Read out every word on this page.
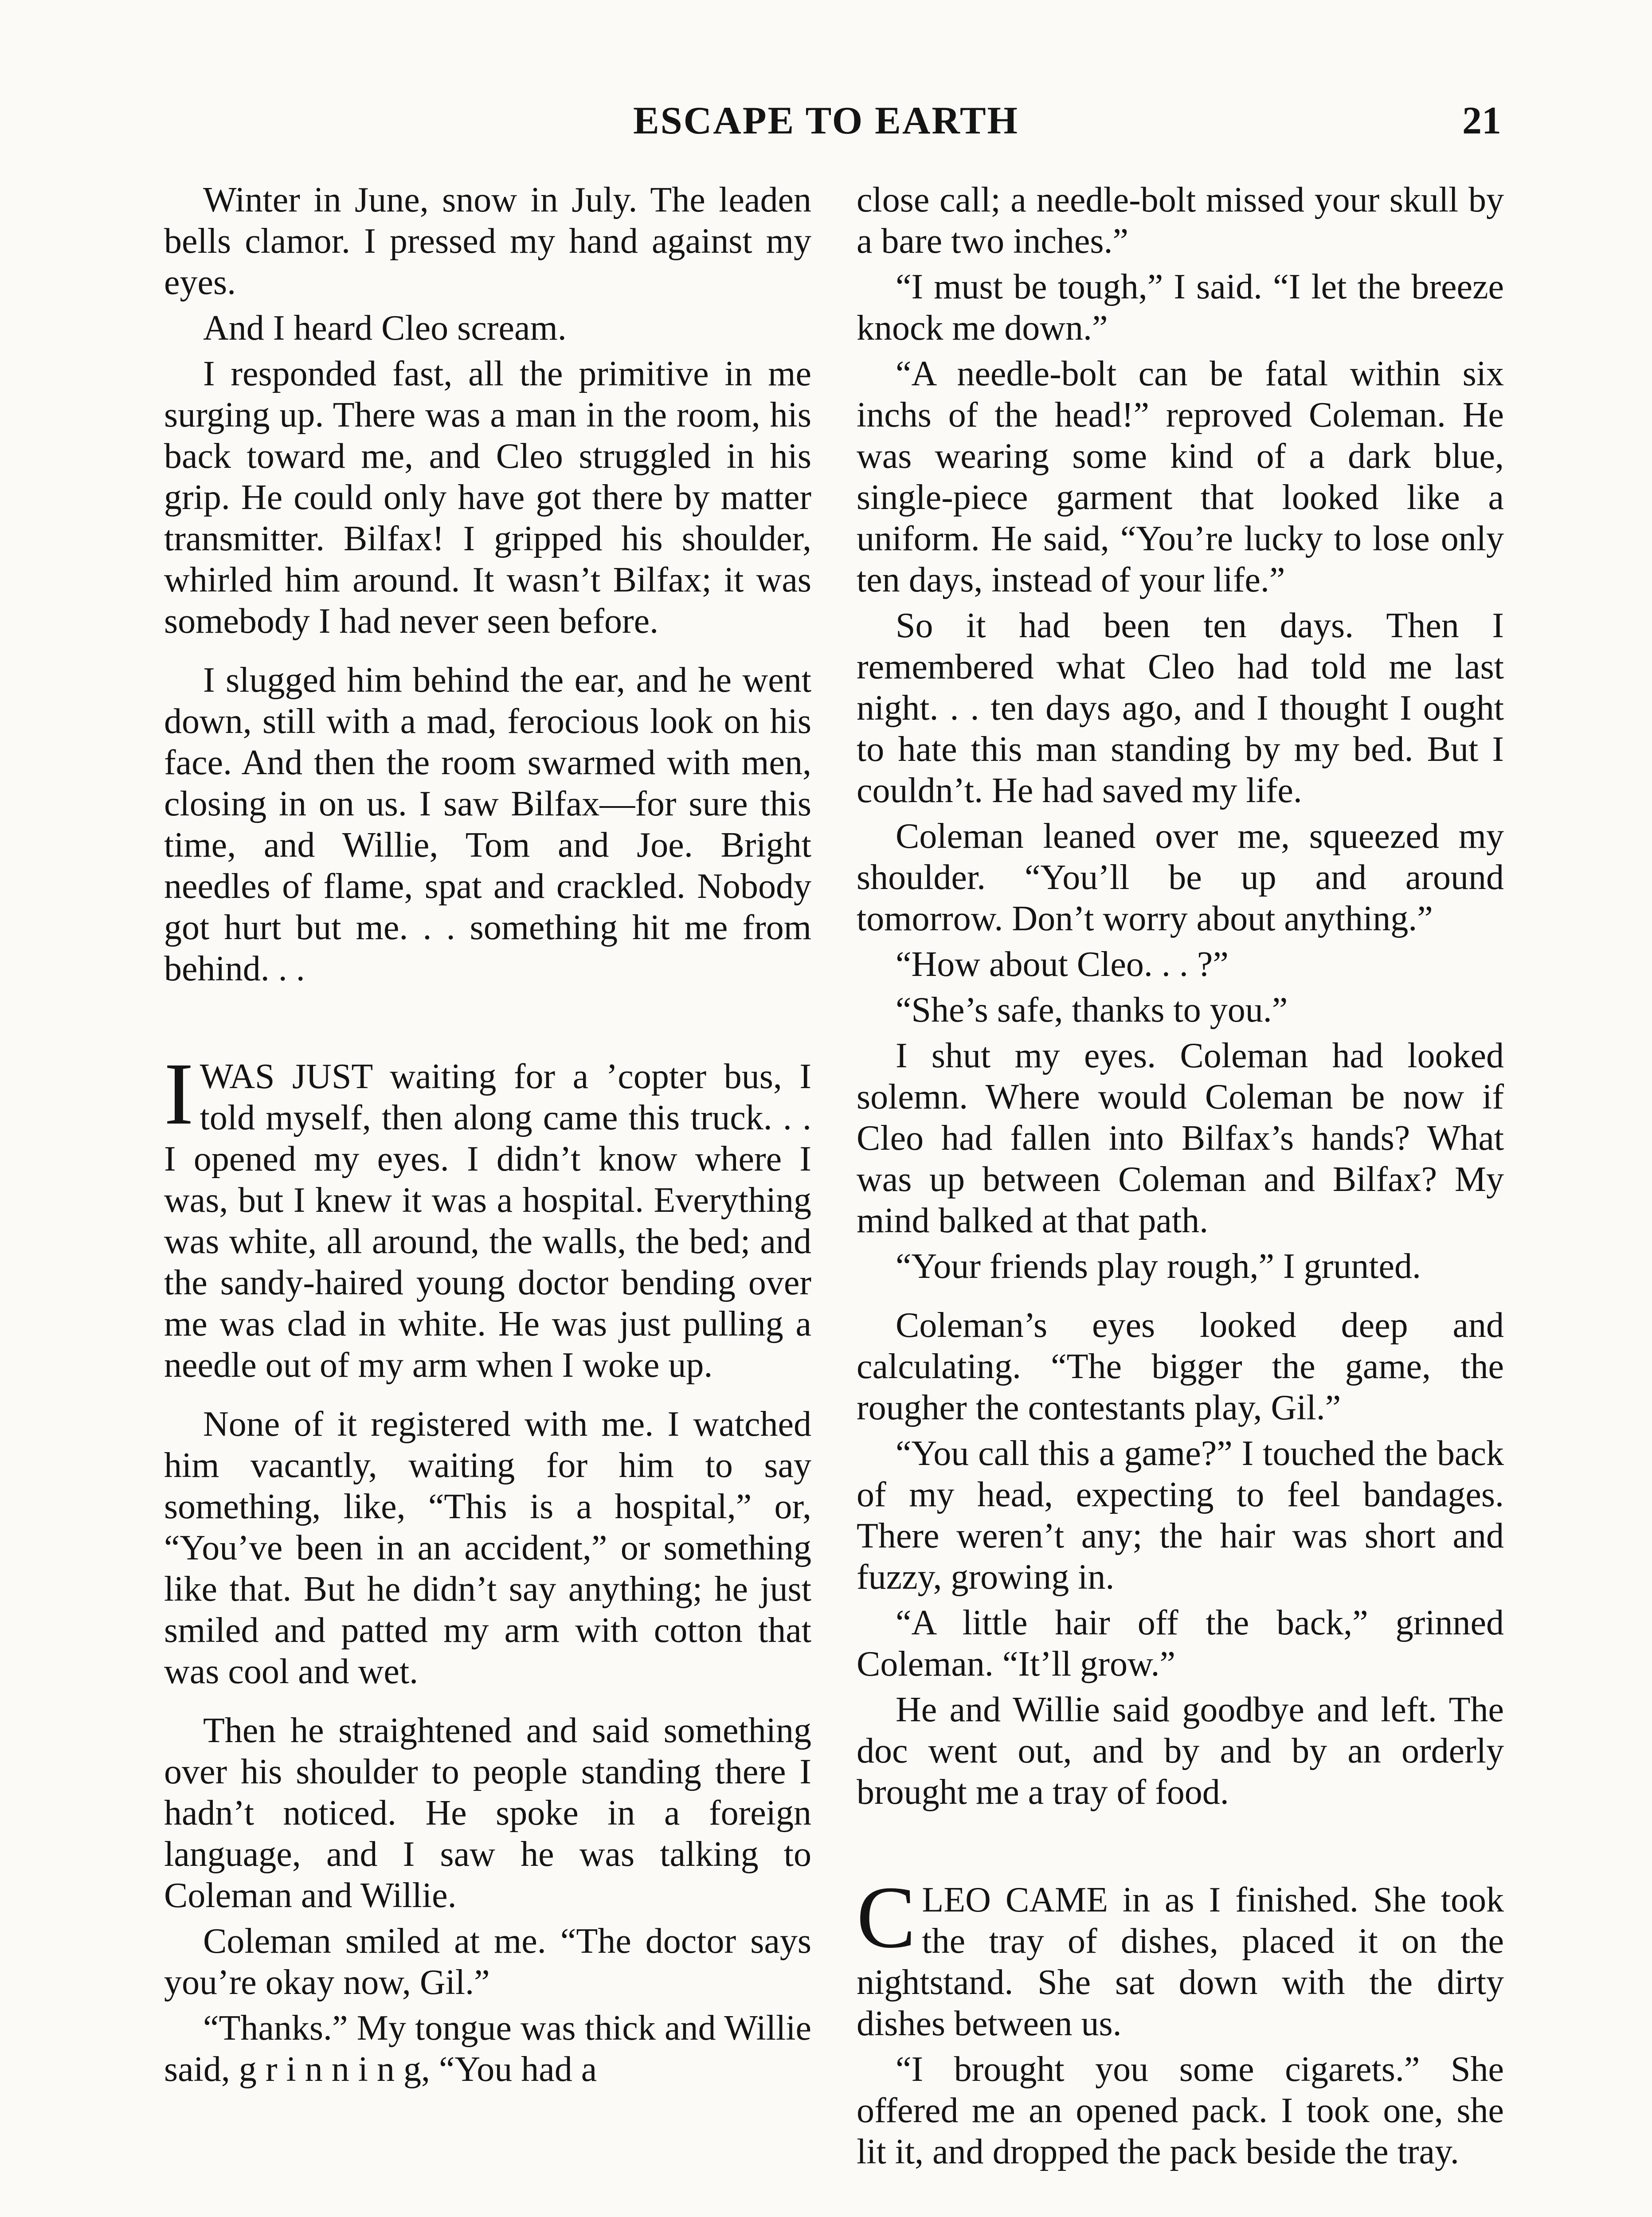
ESCAPE TO EARTH	21

Winter in June, snow in July. The leaden bells clamor. I pressed my hand against my eyes.

And I heard Cleo scream.

I responded fast, all the primitive in me surging up. There was a man in the room, his back toward me, and Cleo struggled in his grip. He could only have got there by matter transmitter. Bilfax! I gripped his shoulder, whirled him around. It wasn’t Bilfax; it was somebody I had never seen before.

I slugged him behind the ear, and he went down, still with a mad, ferocious look on his face. And then the room swarmed with men, closing in on us. I saw Bilfax—for sure this time, and Willie, Tom and Joe. Bright needles of flame, spat and crackled. Nobody got hurt but me. . . something hit me from behind. . .

IWAS JUST waiting for a ’copter bus, I told myself, then along came this truck. . . I opened my eyes. I didn’t know where I was, but I knew it was a hospital. Everything was white, all around, the walls, the bed; and the sandy-haired young doctor bending over me was clad in white. He was just pulling a needle out of my arm when I woke up.

None of it registered with me. I watched him vacantly, waiting for him to say something, like, “This is a hospital,” or, “You’ve been in an accident,” or something like that. But he didn’t say anything; he just smiled and patted my arm with cotton that was cool and wet.

Then he straightened and said something over his shoulder to people standing there I hadn’t noticed. He spoke in a foreign language, and I saw he was talking to Coleman and Willie.

Coleman smiled at me. “The doctor says you’re okay now, Gil.”

“Thanks.” My tongue was thick and Willie said, g r i n n i n g, “You had a

close call; a needle-bolt missed your skull by a bare two inches.”

“I must be tough,” I said. “I let the breeze knock me down.”

“A needle-bolt can be fatal within six inchs of the head!” reproved Coleman. He was wearing some kind of a dark blue, single-piece garment that looked like a uniform. He said, “You’re lucky to lose only ten days, instead of your life.”

So it had been ten days. Then I remembered what Cleo had told me last night. . . ten days ago, and I thought I ought to hate this man standing by my bed. But I couldn’t. He had saved my life.

Coleman leaned over me, squeezed my shoulder. “You’ll be up and around tomorrow. Don’t worry about anything.”

“How about Cleo. . . ?”

“She’s safe, thanks to you.”

I shut my eyes. Coleman had looked solemn. Where would Coleman be now if Cleo had fallen into Bilfax’s hands? What was up between Coleman and Bilfax? My mind balked at that path.

“Your friends play rough,” I grunted.

Coleman’s eyes looked deep and calculating. “The bigger the game, the rougher the contestants play, Gil.”

“You call this a game?” I touched the back of my head, expecting to feel bandages. There weren’t any; the hair was short and fuzzy, growing in.

“A little hair off the back,” grinned Coleman. “It’ll grow.”

He and Willie said goodbye and left. The doc went out, and by and by an orderly brought me a tray of food.

CLEO CAME in as I finished. She took the tray of dishes, placed it on the nightstand. She sat down with the dirty dishes between us.

“I brought you some cigarets.” She offered me an opened pack. I took one, she lit it, and dropped the pack beside the tray.
